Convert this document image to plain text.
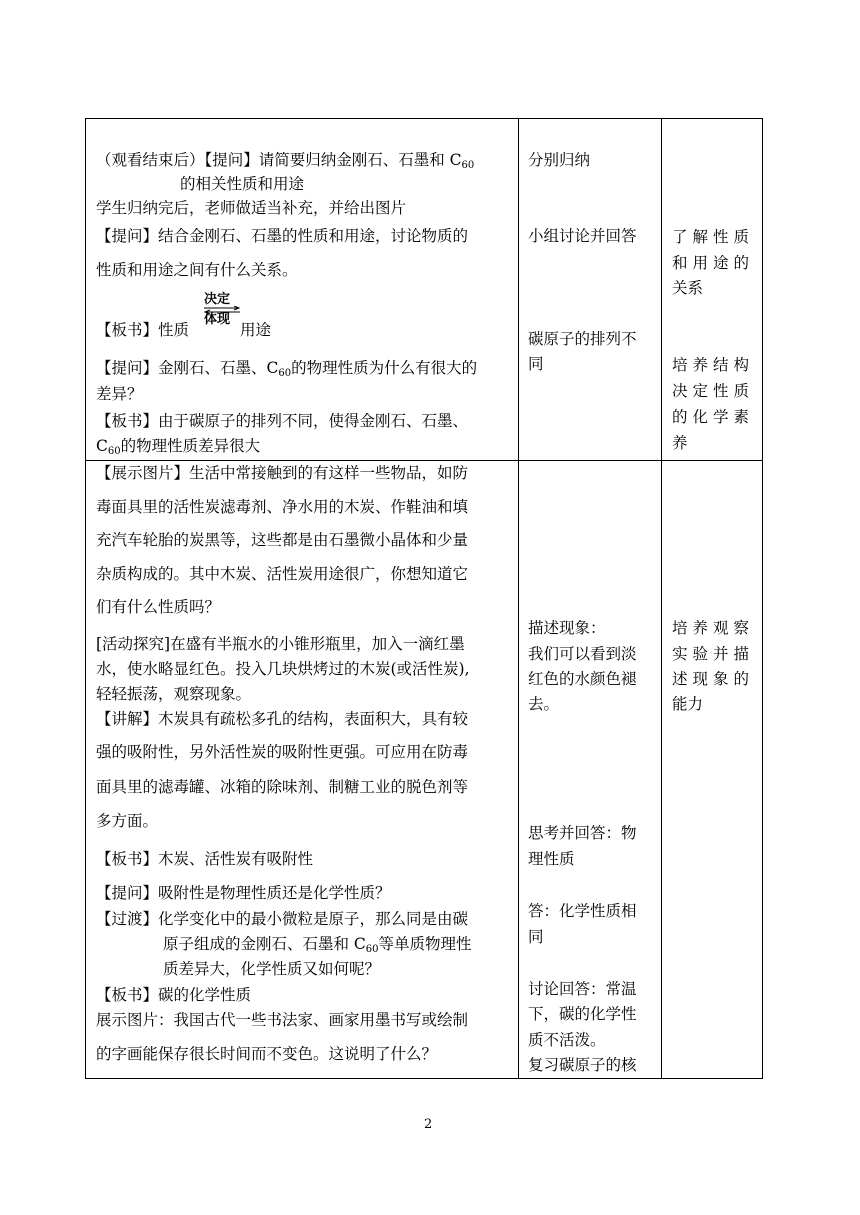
（观看结束后）【提问】请简要归纳金刚石、石墨和 $C_{60}$
的相关性质和用途
学生归纳完后，老师做适当补充，并给出图片
【提问】结合金刚石、石墨的性质和用途，讨论物质的
性质和用途之间有什么关系。
【板书】性质
决定
体现
用途
【提问】金刚石、石墨、$C_{60}$的物理性质为什么有很大的
差异？
【板书】由于碳原子的排列不同，使得金刚石、石墨、
$C_{60}$的物理性质差异很大
分别归纳
小组讨论并回答
碳原子的排列不
同
了解性质
和用途的
关系
培养结构
决定性质
的化学素
养
【展示图片】生活中常接触到的有这样一些物品，如防
毒面具里的活性炭滤毒剂、净水用的木炭、作鞋油和填
充汽车轮胎的炭黑等，这些都是由石墨微小晶体和少量
杂质构成的。其中木炭、活性炭用途很广，你想知道它
们有什么性质吗？
[活动探究]在盛有半瓶水的小锥形瓶里，加入一滴红墨
水，使水略显红色。投入几块烘烤过的木炭(或活性炭),
轻轻振荡，观察现象。
【讲解】木炭具有疏松多孔的结构，表面积大，具有较
强的吸附性，另外活性炭的吸附性更强。可应用在防毒
面具里的滤毒罐、冰箱的除味剂、制糖工业的脱色剂等
多方面。
【板书】木炭、活性炭有吸附性
【提问】吸附性是物理性质还是化学性质？
【过渡】化学变化中的最小微粒是原子，那么同是由碳
原子组成的金刚石、石墨和 $C_{60}$等单质物理性
质差异大，化学性质又如何呢？
【板书】碳的化学性质
展示图片：我国古代一些书法家、画家用墨书写或绘制
的字画能保存很长时间而不变色。这说明了什么？
描述现象：
我们可以看到淡
红色的水颜色褪
去。
思考并回答：物
理性质
答：化学性质相
同
讨论回答：常温
下，碳的化学性
质不活泼。
复习碳原子的核
培养观察
实验并描
述现象的
能力
2
